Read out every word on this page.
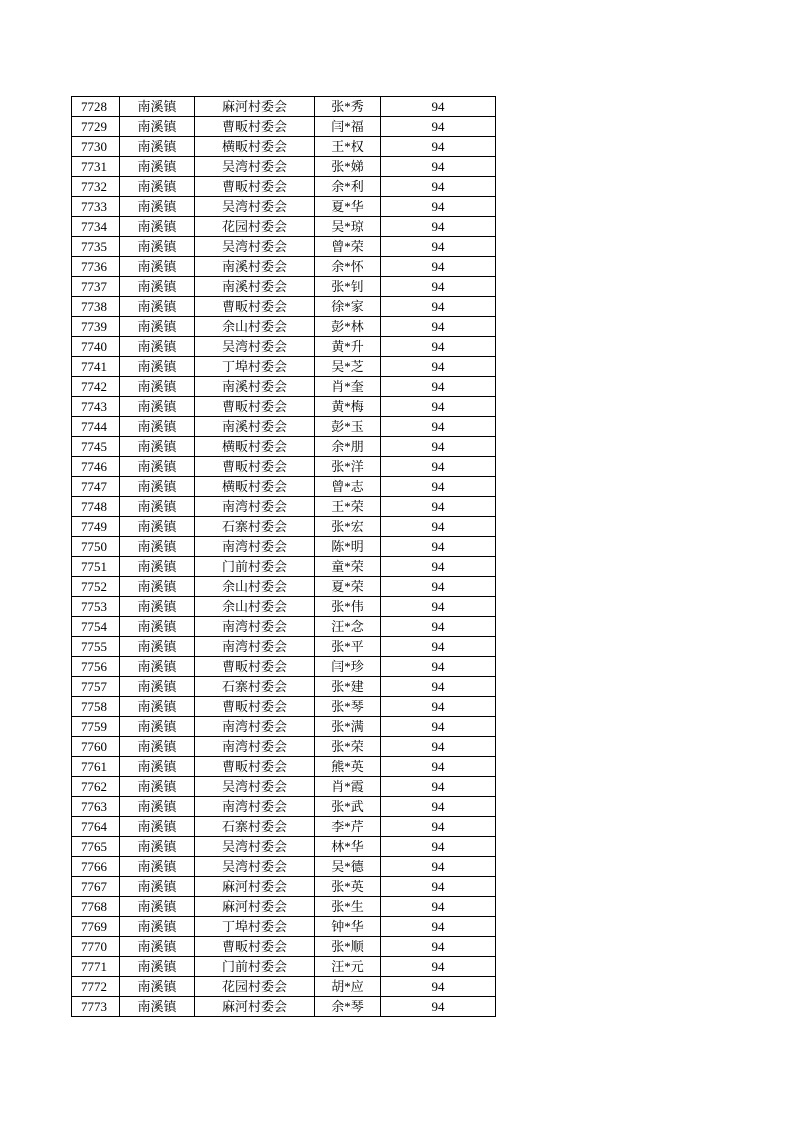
7728	南溪镇	麻河村委会	张*秀	94
7729	南溪镇	曹畈村委会	闫*福	94
7730	南溪镇	横畈村委会	王*权	94
7731	南溪镇	吴湾村委会	张*娣	94
7732	南溪镇	曹畈村委会	余*利	94
7733	南溪镇	吴湾村委会	夏*华	94
7734	南溪镇	花园村委会	吴*琼	94
7735	南溪镇	吴湾村委会	曾*荣	94
7736	南溪镇	南溪村委会	余*怀	94
7737	南溪镇	南溪村委会	张*钊	94
7738	南溪镇	曹畈村委会	徐*家	94
7739	南溪镇	余山村委会	彭*林	94
7740	南溪镇	吴湾村委会	黄*升	94
7741	南溪镇	丁埠村委会	吴*芝	94
7742	南溪镇	南溪村委会	肖*奎	94
7743	南溪镇	曹畈村委会	黄*梅	94
7744	南溪镇	南溪村委会	彭*玉	94
7745	南溪镇	横畈村委会	余*朋	94
7746	南溪镇	曹畈村委会	张*洋	94
7747	南溪镇	横畈村委会	曾*志	94
7748	南溪镇	南湾村委会	王*荣	94
7749	南溪镇	石寨村委会	张*宏	94
7750	南溪镇	南湾村委会	陈*明	94
7751	南溪镇	门前村委会	童*荣	94
7752	南溪镇	余山村委会	夏*荣	94
7753	南溪镇	余山村委会	张*伟	94
7754	南溪镇	南湾村委会	汪*念	94
7755	南溪镇	南湾村委会	张*平	94
7756	南溪镇	曹畈村委会	闫*珍	94
7757	南溪镇	石寨村委会	张*建	94
7758	南溪镇	曹畈村委会	张*琴	94
7759	南溪镇	南湾村委会	张*满	94
7760	南溪镇	南湾村委会	张*荣	94
7761	南溪镇	曹畈村委会	熊*英	94
7762	南溪镇	吴湾村委会	肖*霞	94
7763	南溪镇	南湾村委会	张*武	94
7764	南溪镇	石寨村委会	李*芹	94
7765	南溪镇	吴湾村委会	林*华	94
7766	南溪镇	吴湾村委会	吴*德	94
7767	南溪镇	麻河村委会	张*英	94
7768	南溪镇	麻河村委会	张*生	94
7769	南溪镇	丁埠村委会	钟*华	94
7770	南溪镇	曹畈村委会	张*顺	94
7771	南溪镇	门前村委会	汪*元	94
7772	南溪镇	花园村委会	胡*应	94
7773	南溪镇	麻河村委会	余*琴	94
